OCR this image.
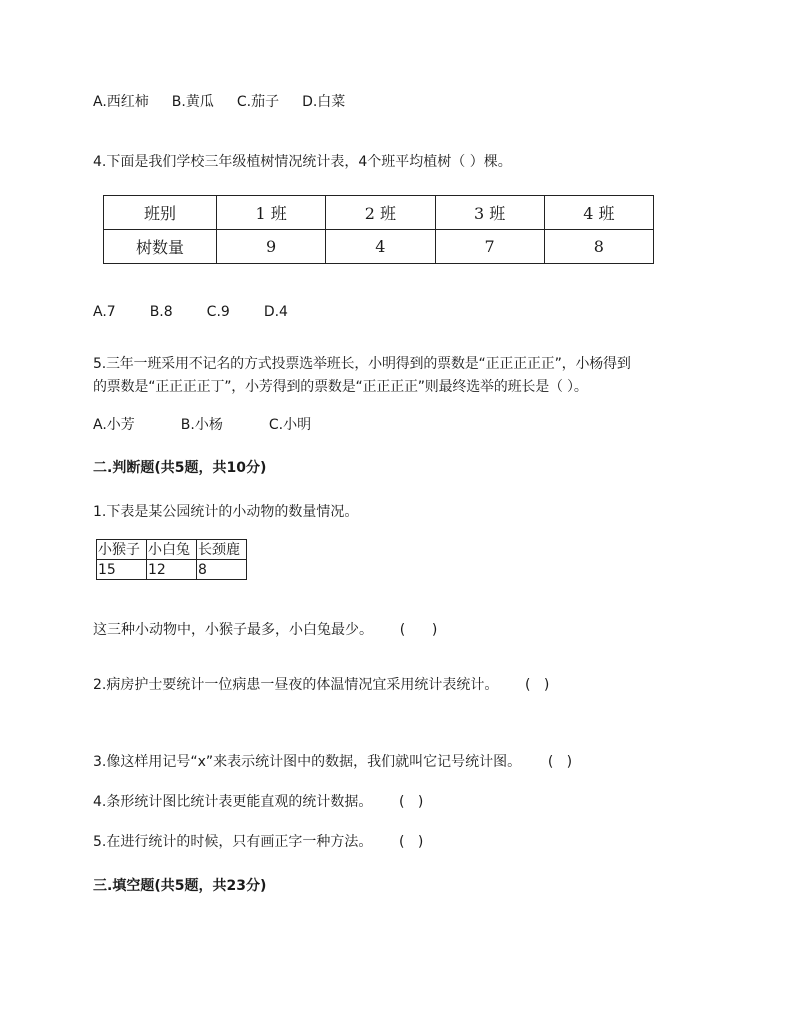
A.西红柿 B.黄瓜 C.茄子 D.白菜
4.下面是我们学校三年级植树情况统计表，4个班平均植树（ ）棵。
班别	1 班	2 班	3 班	4 班
树数量	9	4	7	8
A.7 B.8 C.9 D.4
5.三年一班采用不记名的方式投票选举班长，小明得到的票数是“正正正正正”，小杨得到
的票数是“正正正正丁”，小芳得到的票数是“正正正正”则最终选举的班长是（ ）。
A.小芳	B.小杨	C.小明
二.判断题(共5题，共10分)
1.下表是某公园统计的小动物的数量情况。
小猴子	小白兔	长颈鹿
15	12	8
这三种小动物中，小猴子最多，小白兔最少。      (      )
2.病房护士要统计一位病患一昼夜的体温情况宜采用统计表统计。      (   )
3.像这样用记号“x”来表示统计图中的数据，我们就叫它记号统计图。      (   )
4.条形统计图比统计表更能直观的统计数据。      (   )
5.在进行统计的时候，只有画正字一种方法。      (   )
三.填空题(共5题，共23分)
